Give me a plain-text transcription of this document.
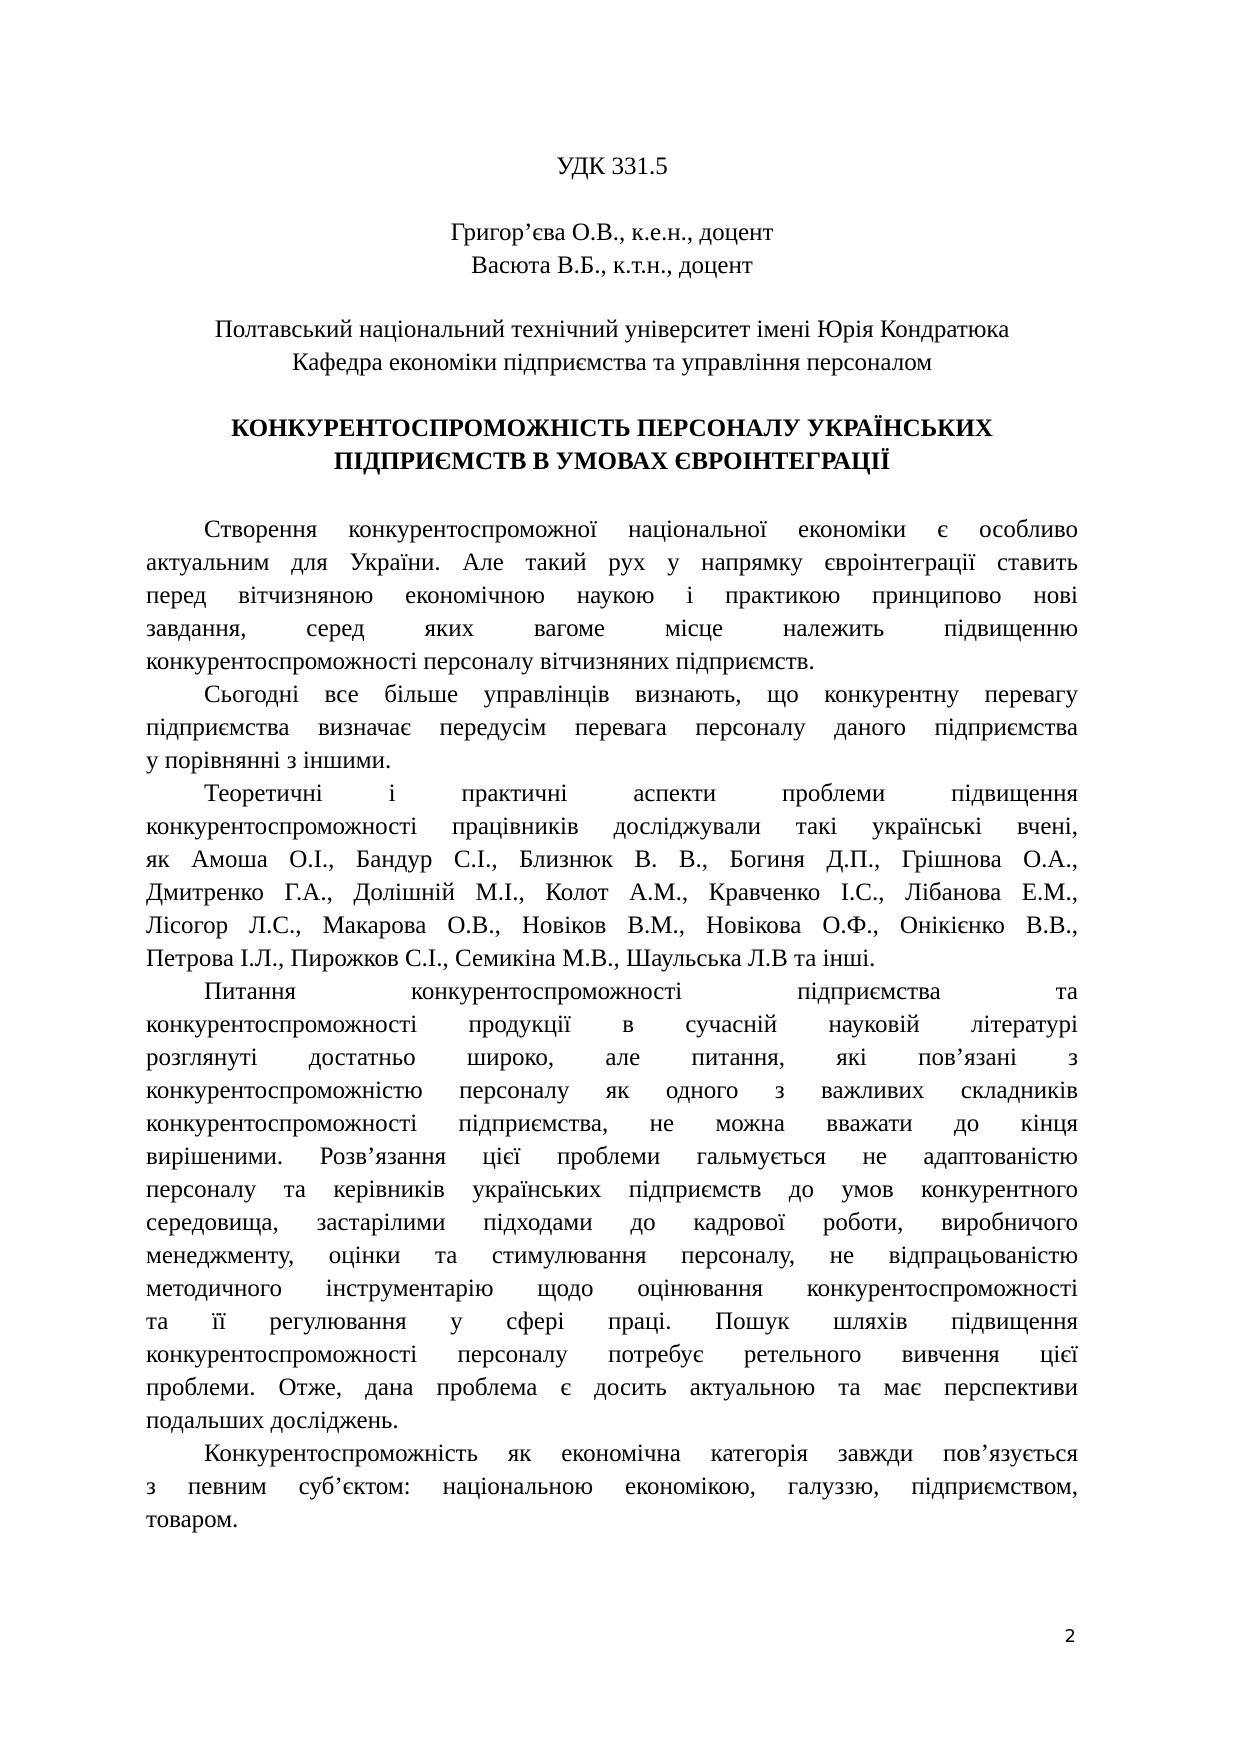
УДК 331.5
Григор’єва О.В., к.е.н., доцент
Васюта В.Б., к.т.н., доцент
Полтавський національний технічний університет імені Юрія Кондратюка
Кафедра економіки підприємства та управління персоналом
КОНКУРЕНТОСПРОМОЖНІСТЬ ПЕРСОНАЛУ УКРАЇНСЬКИХ
ПІДПРИЄМСТВ В УМОВАХ ЄВРОІНТЕГРАЦІЇ
Створення конкурентоспроможної національної економіки є особливо
актуальним для України. Але такий рух у напрямку євроінтеграції ставить
перед вітчизняною економічною наукою і практикою принципово нові
завдання, серед яких вагоме місце належить підвищенню
конкурентоспроможності персоналу вітчизняних підприємств.
Сьогодні все більше управлінців визнають, що конкурентну перевагу
підприємства визначає передусім перевага персоналу даного підприємства
у порівнянні з іншими.
Теоретичні і практичні аспекти проблеми підвищення
конкурентоспроможності працівників досліджували такі українські вчені,
як Амоша О.І., Бандур С.І., Близнюк В. В., Богиня Д.П., Грішнова О.А.,
Дмитренко Г.А., Долішній М.І., Колот А.М., Кравченко І.С., Лібанова Е.М.,
Лісогор Л.С., Макарова О.В., Новіков В.М., Новікова О.Ф., Онікієнко В.В.,
Петрова І.Л., Пирожков С.І., Семикіна М.В., Шаульська Л.В та інші.
Питання конкурентоспроможності підприємства та
конкурентоспроможності продукції в сучасній науковій літературі
розглянуті достатньо широко, але питання, які пов’язані з
конкурентоспроможністю персоналу як одного з важливих складників
конкурентоспроможності підприємства, не можна вважати до кінця
вирішеними. Розв’язання цієї проблеми гальмується не адаптованістю
персоналу та керівників українських підприємств до умов конкурентного
середовища, застарілими підходами до кадрової роботи, виробничого
менеджменту, оцінки та стимулювання персоналу, не відпрацьованістю
методичного інструментарію щодо оцінювання конкурентоспроможності
та її регулювання у сфері праці. Пошук шляхів підвищення
конкурентоспроможності персоналу потребує ретельного вивчення цієї
проблеми. Отже, дана проблема є досить актуальною та має перспективи
подальших досліджень.
Конкурентоспроможність як економічна категорія завжди пов’язується
з певним суб’єктом: національною економікою, галуззю, підприємством,
товаром.
2
